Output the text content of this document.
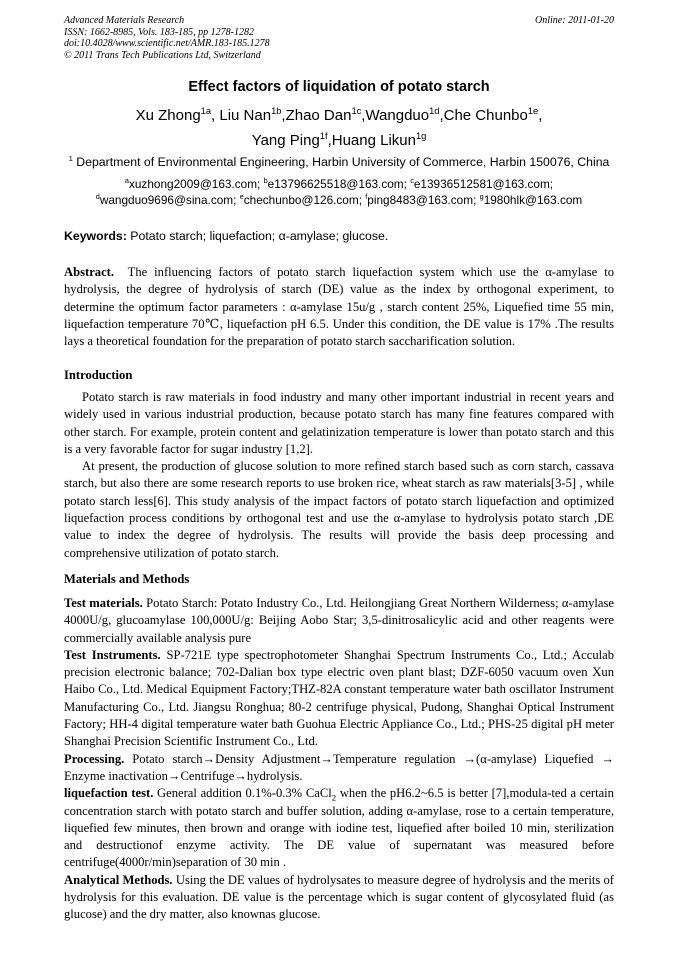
Advanced Materials Research
ISSN: 1662-8985, Vols. 183-185, pp 1278-1282
doi:10.4028/www.scientific.net/AMR.183-185.1278
© 2011 Trans Tech Publications Ltd, Switzerland
Online: 2011-01-20
Effect factors of liquidation of potato starch
Xu Zhong$^{1a}$, Liu Nan$^{1b}$,Zhao Dan$^{1c}$,Wangduo$^{1d}$,Che Chunbo$^{1e}$,
Yang Ping$^{1f}$,Huang Likun$^{1g}$
$^1$ Department of Environmental Engineering, Harbin University of Commerce, Harbin 150076, China
$^a$xuzhong2009@163.com; $^b$e13796625518@163.com; $^c$e13936512581@163.com;
$^d$wangduo9696@sina.com; $^e$chechunbo@126.com; $^f$ping8483@163.com; $^g$1980hlk@163.com
Keywords: Potato starch; liquefaction; α-amylase; glucose.
Abstract. The influencing factors of potato starch liquefaction system which use the α-amylase to hydrolysis, the degree of hydrolysis of starch (DE) value as the index by orthogonal experiment, to determine the optimum factor parameters : α-amylase 15u/g , starch content 25%, Liquefied time 55 min, liquefaction temperature 70℃, liquefaction pH 6.5. Under this condition, the DE value is 17% .The results lays a theoretical foundation for the preparation of potato starch saccharification solution.
Introduction
Potato starch is raw materials in food industry and many other important industrial in recent years and widely used in various industrial production, because potato starch has many fine features compared with other starch. For example, protein content and gelatinization temperature is lower than potato starch and this is a very favorable factor for sugar industry [1,2].
At present, the production of glucose solution to more refined starch based such as corn starch, cassava starch, but also there are some research reports to use broken rice, wheat starch as raw materials[3-5] , while potato starch less[6]. This study analysis of the impact factors of potato starch liquefaction and optimized liquefaction process conditions by orthogonal test and use the α-amylase to hydrolysis potato starch ,DE value to index the degree of hydrolysis. The results will provide the basis deep processing and comprehensive utilization of potato starch.
Materials and Methods
Test materials. Potato Starch: Potato Industry Co., Ltd. Heilongjiang Great Northern Wilderness; α-amylase 4000U/g, glucoamylase 100,000U/g: Beijing Aobo Star; 3,5-dinitrosalicylic acid and other reagents were commercially available analysis pure
Test Instruments. SP-721E type spectrophotometer Shanghai Spectrum Instruments Co., Ltd.; Acculab precision electronic balance; 702-Dalian box type electric oven plant blast; DZF-6050 vacuum oven Xun Haibo Co., Ltd. Medical Equipment Factory;THZ-82A constant temperature water bath oscillator Instrument Manufacturing Co., Ltd. Jiangsu Ronghua; 80-2 centrifuge physical, Pudong, Shanghai Optical Instrument Factory; HH-4 digital temperature water bath Guohua Electric Appliance Co., Ltd.; PHS-25 digital pH meter Shanghai Precision Scientific Instrument Co., Ltd.
Processing. Potato starch→Density Adjustment→Temperature regulation →(α-amylase) Liquefied → Enzyme inactivation→Centrifuge→hydrolysis.
liquefaction test. General addition 0.1%-0.3% CaCl$_2$ when the pH6.2~6.5 is better [7],modula-ted a certain concentration starch with potato starch and buffer solution, adding α-amylase, rose to a certain temperature, liquefied few minutes, then brown and orange with iodine test, liquefied after boiled 10 min, sterilization and destructionof enzyme activity. The DE value of supernatant was measured before centrifuge(4000r/min)separation of 30 min .
Analytical Methods. Using the DE values of hydrolysates to measure degree of hydrolysis and the merits of hydrolysis for this evaluation. DE value is the percentage which is sugar content of glycosylated fluid (as glucose) and the dry matter, also knownas glucose.
